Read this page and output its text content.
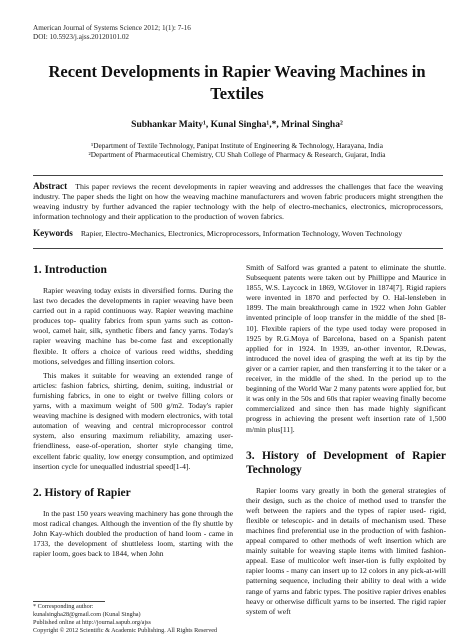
American Journal of Systems Science 2012; 1(1): 7-16
DOI: 10.5923/j.ajss.20120101.02
Recent Developments in Rapier Weaving Machines in Textiles
Subhankar Maity¹, Kunal Singha¹,*, Mrinal Singha²
¹Department of Textile Technology, Panipat Institute of Engineering & Technology, Harayana, India
²Department of Pharmaceutical Chemistry, CU Shah College of Pharmacy & Research, Gujarat, India
Abstract This paper reviews the recent developments in rapier weaving and addresses the challenges that face the weaving industry. The paper sheds the light on how the weaving machine manufacturers and woven fabric producers might strengthen the weaving industry by further advanced the rapier technology with the help of electro-mechanics, electronics, microprocessors, information technology and their application to the production of woven fabrics.
Keywords Rapier, Electro-Mechanics, Electronics, Microprocessors, Information Technology, Woven Technology
1. Introduction

Rapier weaving today exists in diversified forms. During the last two decades the developments in rapier weaving have been carried out in a rapid continuous way. Rapier weaving machine produces top- quality fabrics from spun yarns such as cotton-wool, camel hair, silk, synthetic fibers and fancy yarns. Today's rapier weaving machine has be-come fast and exceptionally flexible. It offers a choice of various reed widths, shedding motions, selvedges and filling insertion colors.

This makes it suitable for weaving an extended range of articles: fashion fabrics, shirting, denim, suiting, industrial or furnishing fabrics, in one to eight or twelve filling colors or yarns, with a maximum weight of 500 g/m2. Today's rapier weaving machine is designed with modern electronics, with total automation of weaving and central microprocessor control system, also ensuring maximum reliability, amazing user-friendliness, ease-of-operation, shorter style changing time, excellent fabric quality, low energy consumption, and optimized insertion cycle for unequalled industrial speed[1-4].

2. History of Rapier

In the past 150 years weaving machinery has gone through the most radical changes. Although the invention of the fly shuttle by John Kay-which doubled the production of hand loom - came in 1733, the development of shuttleless loom, starting with the rapier loom, goes back to 1844, when John

Smith of Salford was granted a patent to eliminate the shuttle. Subsequent patents were taken out by Phillippe and Maurice in 1855, W.S. Laycock in 1869, W.Glover in 1874[7]. Rigid rapiers were invented in 1870 and perfected by O. Hal-lensleben in 1899. The main breakthrough came in 1922 when John Gabler invented principle of loop transfer in the middle of the shed [8-10]. Flexible rapiers of the type used today were proposed in 1925 by R.G.Moya of Barcelona, based on a Spanish patent applied for in 1924. In 1939, an-other inventor, R.Dewas, introduced the novel idea of grasping the weft at its tip by the giver or a carrier rapier, and then transferring it to the taker or a receiver, in the middle of the shed. In the period up to the beginning of the World War 2 many patents were applied for, but it was only in the 50s and 60s that rapier weaving finally become commercialized and since then has made highly significant progress in achieving the present weft insertion rate of 1,500 m/min plus[11].

3. History of Development of Rapier Technology

Rapier looms vary greatly in both the general strategies of their design, such as the choice of method used to transfer the weft between the rapiers and the types of rapier used- rigid, flexible or telescopic- and in details of mechanism used. These machines find preferential use in the production of with fashion-appeal compared to other methods of weft insertion which are mainly suitable for weaving staple items with limited fashion-appeal. Ease of multicolor weft inser-tion is fully exploited by rapier looms - many can insert up to 12 colors in any pick-at-will patterning sequence, including their ability to deal with a wide range of yarns and fabric types. The positive rapier drives enables heavy or otherwise difficult yarns to be inserted. The rigid rapier system of weft

* Corresponding author:
kunalsingha28@gmail.com (Kunal Singha)
Published online at http://journal.sapub.org/ajss
Copyright © 2012 Scientific & Academic Publishing. All Rights Reserved
